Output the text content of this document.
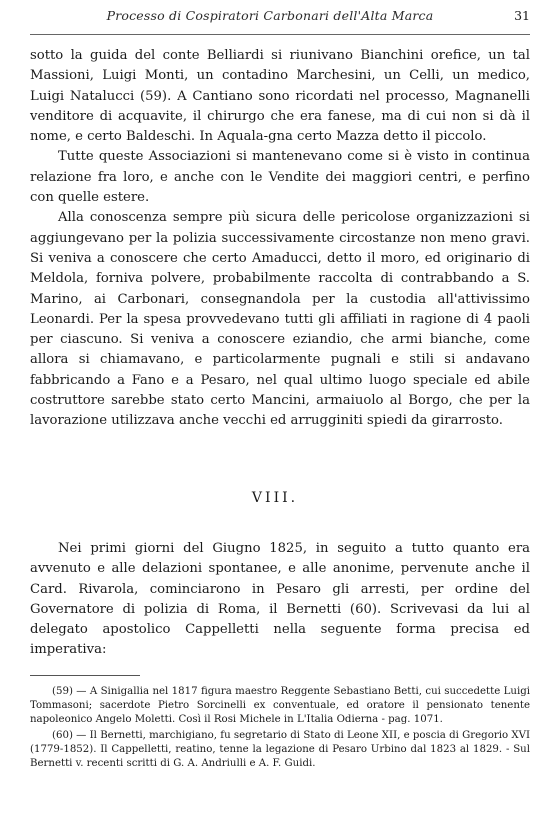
Processo di Cospiratori Carbonari dell'Alta Marca	31

sotto la guida del conte Belliardi si riunivano Bianchini orefice, un tal Massioni, Luigi Monti, un contadino Marchesini, un Celli, un medico, Luigi Natalucci (59). A Cantiano sono ricordati nel processo, Magnanelli venditore di acquavite, il chirurgo che era fanese, ma di cui non si dà il nome, e certo Baldeschi. In Aquala-gna certo Mazza detto il piccolo.

Tutte queste Associazioni si mantenevano come si è visto in continua relazione fra loro, e anche con le Vendite dei maggiori centri, e perfino con quelle estere.

Alla conoscenza sempre più sicura delle pericolose organizzazioni si aggiungevano per la polizia successivamente circostanze non meno gravi. Si veniva a conoscere che certo Amaducci, detto il moro, ed originario di Meldola, forniva polvere, probabilmente raccolta di contrabbando a S. Marino, ai Carbonari, consegnandola per la custodia all'attivissimo Leonardi. Per la spesa provvedevano tutti gli affiliati in ragione di 4 paoli per ciascuno. Si veniva a conoscere eziandio, che armi bianche, come allora si chiamavano, e particolarmente pugnali e stili si andavano fabbricando a Fano e a Pesaro, nel qual ultimo luogo speciale ed abile costruttore sarebbe stato certo Mancini, armaiuolo al Borgo, che per la lavorazione utilizzava anche vecchi ed arrugginiti spiedi da girarrosto.

VIII.

Nei primi giorni del Giugno 1825, in seguito a tutto quanto era avvenuto e alle delazioni spontanee, e alle anonime, pervenute anche il Card. Rivarola, cominciarono in Pesaro gli arresti, per ordine del Governatore di polizia di Roma, il Bernetti (60). Scrivevasi da lui al delegato apostolico Cappelletti nella seguente forma precisa ed imperativa:

(59) — A Sinigallia nel 1817 figura maestro Reggente Sebastiano Betti, cui succedette Luigi Tommasoni; sacerdote Pietro Sorcinelli ex conventuale, ed oratore il pensionato tenente napoleonico Angelo Moletti. Così il Rosi Michele in L'Italia Odierna - pag. 1071.

(60) — Il Bernetti, marchigiano, fu segretario di Stato di Leone XII, e poscia di Gregorio XVI (1779-1852). Il Cappelletti, reatino, tenne la legazione di Pesaro Urbino dal 1823 al 1829. - Sul Bernetti v. recenti scritti di G. A. Andriulli e A. F. Guidi.
